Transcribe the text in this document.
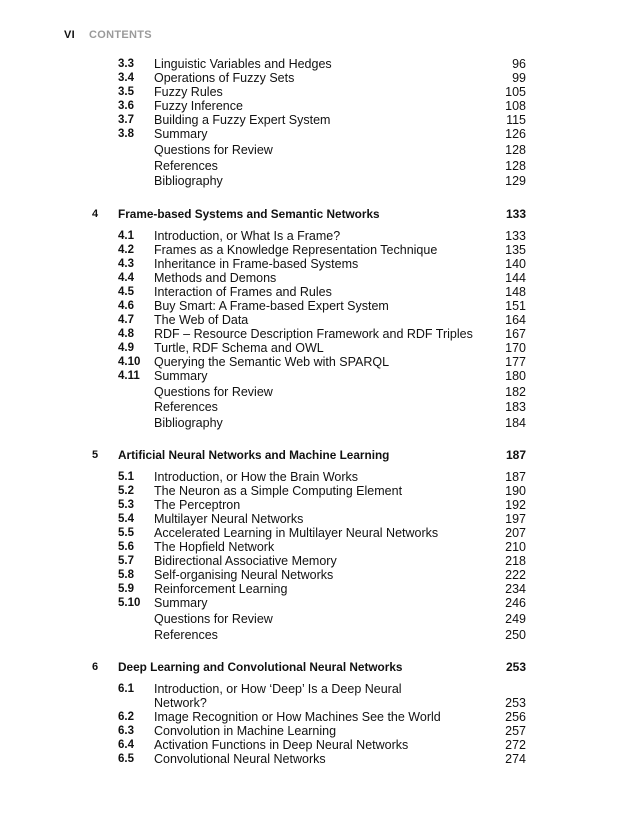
VI CONTENTS
3.3 Linguistic Variables and Hedges	96
3.4 Operations of Fuzzy Sets	99
3.5 Fuzzy Rules	105
3.6 Fuzzy Inference	108
3.7 Building a Fuzzy Expert System	115
3.8 Summary	126
Questions for Review	128
References	128
Bibliography	129
4 Frame-based Systems and Semantic Networks	133
4.1 Introduction, or What Is a Frame?	133
4.2 Frames as a Knowledge Representation Technique	135
4.3 Inheritance in Frame-based Systems	140
4.4 Methods and Demons	144
4.5 Interaction of Frames and Rules	148
4.6 Buy Smart: A Frame-based Expert System	151
4.7 The Web of Data	164
4.8 RDF – Resource Description Framework and RDF Triples	167
4.9 Turtle, RDF Schema and OWL	170
4.10 Querying the Semantic Web with SPARQL	177
4.11 Summary	180
Questions for Review	182
References	183
Bibliography	184
5 Artificial Neural Networks and Machine Learning	187
5.1 Introduction, or How the Brain Works	187
5.2 The Neuron as a Simple Computing Element	190
5.3 The Perceptron	192
5.4 Multilayer Neural Networks	197
5.5 Accelerated Learning in Multilayer Neural Networks	207
5.6 The Hopfield Network	210
5.7 Bidirectional Associative Memory	218
5.8 Self-organising Neural Networks	222
5.9 Reinforcement Learning	234
5.10 Summary	246
Questions for Review	249
References	250
6 Deep Learning and Convolutional Neural Networks	253
6.1 Introduction, or How ‘Deep’ Is a Deep Neural
Network?	253
6.2 Image Recognition or How Machines See the World	256
6.3 Convolution in Machine Learning	257
6.4 Activation Functions in Deep Neural Networks	272
6.5 Convolutional Neural Networks	274
